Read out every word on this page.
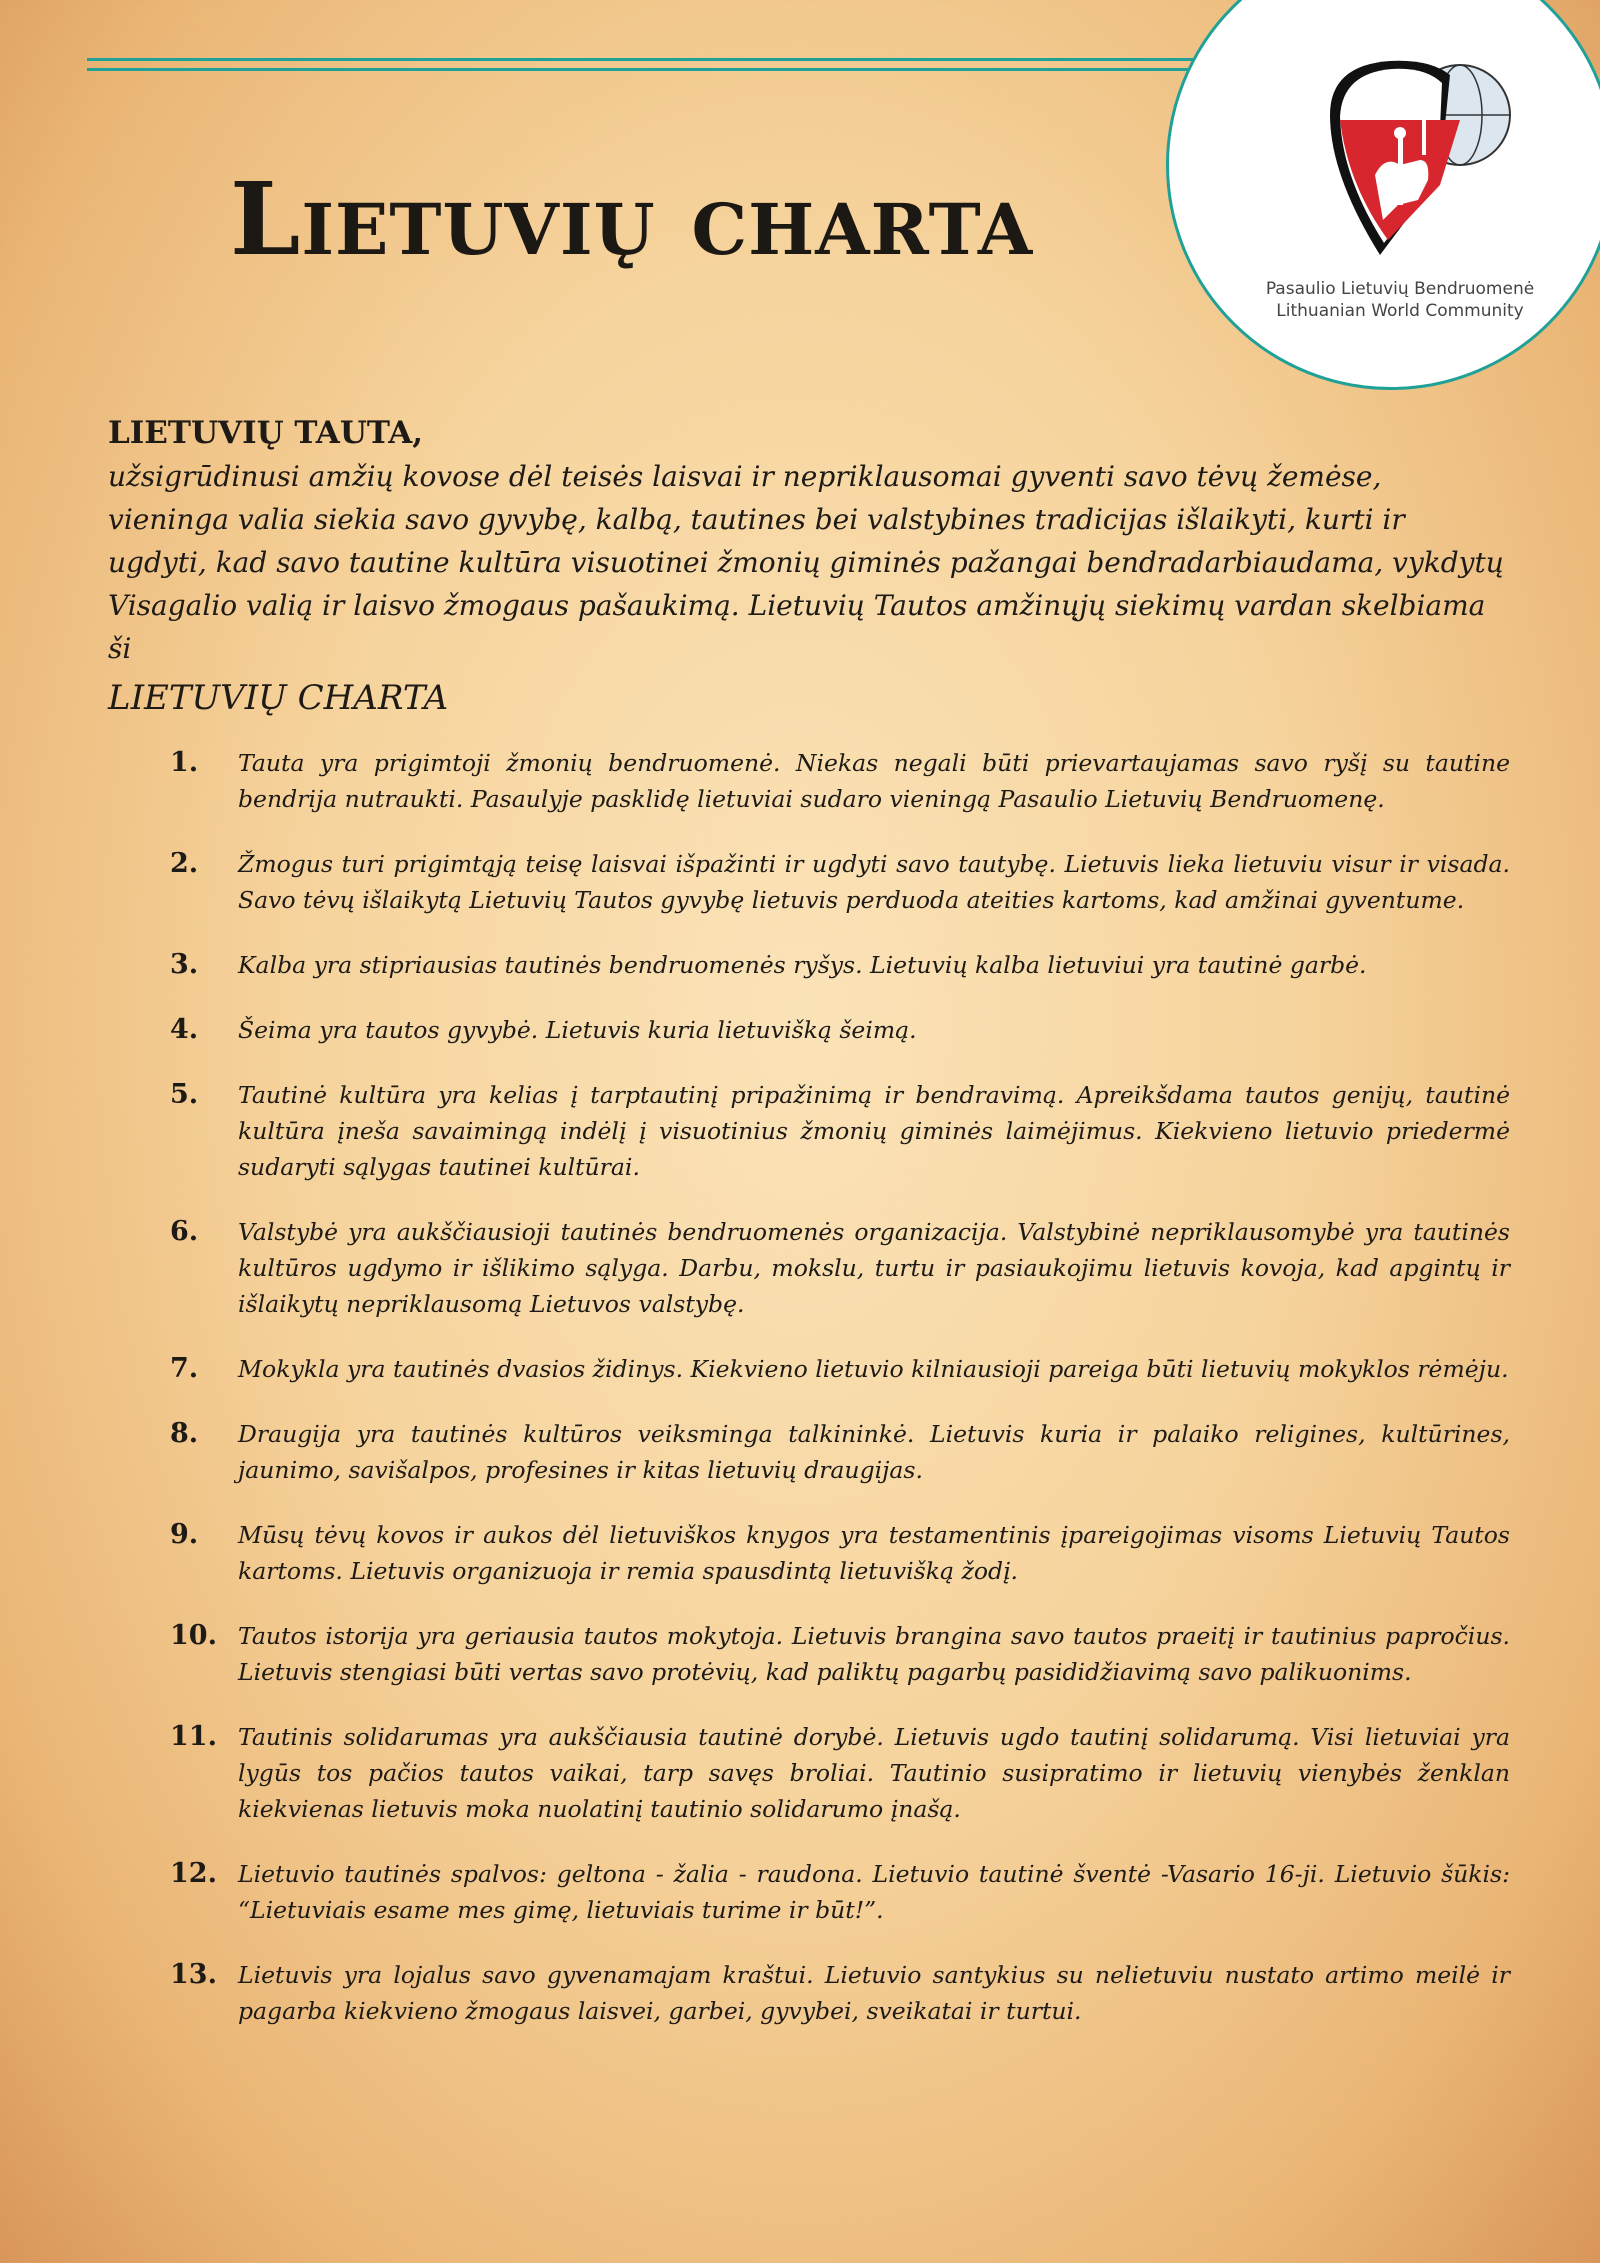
Lietuvių charta
Pasaulio Lietuvių Bendruomenė
Lithuanian World Community
LIETUVIŲ TAUTA,
užsigrūdinusi amžių kovose dėl teisės laisvai ir nepriklausomai gyventi savo tėvų žemėse, vieninga valia siekia savo gyvybę, kalbą, tautines bei valstybines tradicijas išlaikyti, kurti ir ugdyti, kad savo tautine kultūra visuotinei žmonių giminės pažangai bendradarbiaudama, vykdytų Visagalio valią ir laisvo žmogaus pašaukimą. Lietuvių Tautos amžinųjų siekimų vardan skelbiama ši
LIETUVIŲ CHARTA
1.	Tauta yra prigimtoji žmonių bendruomenė. Niekas negali būti prievartaujamas savo ryšį su tautine bendrija nutraukti. Pasaulyje pasklidę lietuviai sudaro vieningą Pasaulio Lietuvių Bendruomenę.
2.	Žmogus turi prigimtąją teisę laisvai išpažinti ir ugdyti savo tautybę. Lietuvis lieka lietuviu visur ir visada. Savo tėvų išlaikytą Lietuvių Tautos gyvybę lietuvis perduoda ateities kartoms, kad amžinai gyventume.
3.	Kalba yra stipriausias tautinės bendruomenės ryšys. Lietuvių kalba lietuviui yra tautinė garbė.
4.	Šeima yra tautos gyvybė. Lietuvis kuria lietuvišką šeimą.
5.	Tautinė kultūra yra kelias į tarptautinį pripažinimą ir bendravimą. Apreikšdama tautos genijų, tautinė kultūra įneša savaimingą indėlį į visuotinius žmonių giminės laimėjimus. Kiekvieno lietuvio priedermė sudaryti sąlygas tautinei kultūrai.
6.	Valstybė yra aukščiausioji tautinės bendruomenės organizacija. Valstybinė nepriklausomybė yra tautinės kultūros ugdymo ir išlikimo sąlyga. Darbu, mokslu, turtu ir pasiaukojimu lietuvis kovoja, kad apgintų ir išlaikytų nepriklausomą Lietuvos valstybę.
7.	Mokykla yra tautinės dvasios židinys. Kiekvieno lietuvio kilniausioji pareiga būti lietuvių mokyklos rėmėju.
8.	Draugija yra tautinės kultūros veiksminga talkininkė. Lietuvis kuria ir palaiko religines, kultūrines, jaunimo, savišalpos, profesines ir kitas lietuvių draugijas.
9.	Mūsų tėvų kovos ir aukos dėl lietuviškos knygos yra testamentinis įpareigojimas visoms Lietuvių Tautos kartoms. Lietuvis organizuoja ir remia spausdintą lietuvišką žodį.
10. Tautos istorija yra geriausia tautos mokytoja. Lietuvis brangina savo tautos praeitį ir tautinius papročius. Lietuvis stengiasi būti vertas savo protėvių, kad paliktų pagarbų pasididžiavimą savo palikuonims.
11. Tautinis solidarumas yra aukščiausia tautinė dorybė. Lietuvis ugdo tautinį solidarumą. Visi lietuviai yra lygūs tos pačios tautos vaikai, tarp savęs broliai. Tautinio susipratimo ir lietuvių vienybės ženklan kiekvienas lietuvis moka nuolatinį tautinio solidarumo įnašą.
12. Lietuvio tautinės spalvos: geltona - žalia - raudona. Lietuvio tautinė šventė -Vasario 16-ji. Lietuvio šūkis: “Lietuviais esame mes gimę, lietuviais turime ir būt!”.
13. Lietuvis yra lojalus savo gyvenamajam kraštui. Lietuvio santykius su nelietuviu nustato artimo meilė ir pagarba kiekvieno žmogaus laisvei, garbei, gyvybei, sveikatai ir turtui.
